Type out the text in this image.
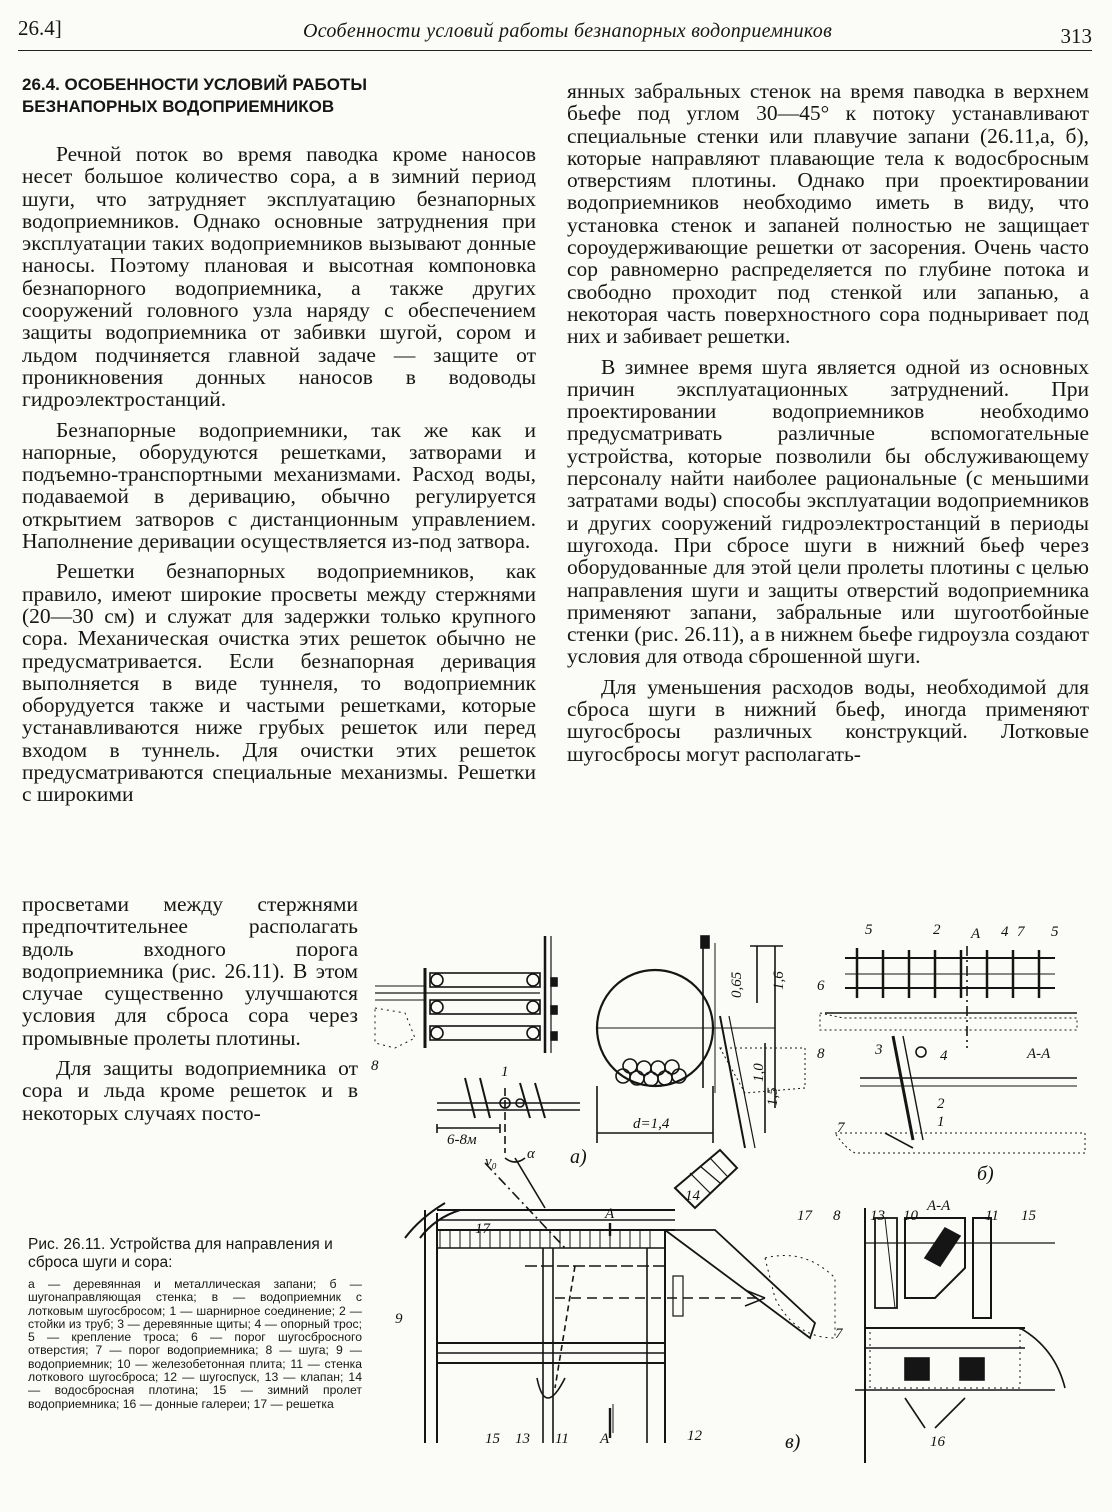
26.4]	Особенности условий работы безнапорных водоприемников	313
26.4. ОСОБЕННОСТИ УСЛОВИЙ РАБОТЫ
БЕЗНАПОРНЫХ ВОДОПРИЕМНИКОВ

Речной поток во время паводка кроме наносов несет большое количество сора, а в зимний период шуги, что затрудняет эксплуатацию безнапорных водоприемников. Однако основные затруднения при эксплуатации таких водоприемников вызывают донные наносы. Поэтому плановая и высотная компоновка безнапорного водоприемника, а также других сооружений головного узла наряду с обеспечением защиты водоприемника от забивки шугой, сором и льдом подчиняется главной задаче — защите от проникновения донных наносов в водоводы гидроэлектростанций.

Безнапорные водоприемники, так же как и напорные, оборудуются решетками, затворами и подъемно-транспортными механизмами. Расход воды, подаваемой в деривацию, обычно регулируется открытием затворов с дистанционным управлением. Наполнение деривации осуществляется из-под затвора.

Решетки безнапорных водоприемников, как правило, имеют широкие просветы между стержнями (20—30 см) и служат для задержки только крупного сора. Механическая очистка этих решеток обычно не предусматривается. Если безнапорная деривация выполняется в виде туннеля, то водоприемник оборудуется также и частыми решетками, которые устанавливаются ниже грубых решеток или перед входом в туннель. Для очистки этих решеток предусматриваются специальные механизмы. Решетки с широкими

просветами между стержнями предпочтительнее располагать вдоль входного порога водоприемника (рис. 26.11). В этом случае существенно улучшаются условия для сброса сора через промывные пролеты плотины.

Для защиты водоприемника от сора и льда кроме решеток и в некоторых случаях посто-

янных забральных стенок на время паводка в верхнем бьефе под углом 30—45° к потоку устанавливают специальные стенки или плавучие запани (26.11,а, б), которые направляют плавающие тела к водосбросным отверстиям плотины. Однако при проектировании водоприемников необходимо иметь в виду, что установка стенок и запаней полностью не защищает сороудерживающие решетки от засорения. Очень часто сор равномерно распределяется по глубине потока и свободно проходит под стенкой или запанью, а некоторая часть поверхностного сора подныривает под них и забивает решетки.

В зимнее время шуга является одной из основных причин эксплуатационных затруднений. При проектировании водоприемников необходимо предусматривать различные вспомогательные устройства, которые позволили бы обслуживающему персоналу найти наиболее рациональные (с меньшими затратами воды) способы эксплуатации водоприемников и других сооружений гидроэлектростанций в периоды шугохода. При сбросе шуги в нижний бьеф через оборудованные для этой цели пролеты плотины с целью направления шуги и защиты отверстий водоприемника применяют запани, забральные или шугоотбойные стенки (рис. 26.11), а в нижнем бьефе гидроузла создают условия для отвода сброшенной шуги.

Для уменьшения расходов воды, необходимой для сброса шуги в нижний бьеф, иногда применяют шугосбросы различных конструкций. Лотковые шугосбросы могут располагать-

Рис. 26.11. Устройства для направления и сброса шуги и сора:
а — деревянная и металлическая запани; б — шугонаправляющая стенка; в — водоприемник с лотковым шугосбросом; 1 — шарнирное соединение; 2 — стойки из труб; 3 — деревянные щиты; 4 — опорный трос; 5 — крепление троса; 6 — порог шугосбросного отверстия; 7 — порог водоприемника; 8 — шуга; 9 — водоприемник; 10 — железобетонная плита; 11 — стенка лоткового шугосброса; 12 — шугоспуск, 13 — клапан; 14 — водосбросная плотина; 15 — зимний пролет водоприемника; 16 — донные галереи; 17 — решетка
8	1
6-8м
α
v₀	а)
d=1,4
0,65 1,6
1,0
1,5
5	2 А 4 7 5
6
3	4	А-А
8
2
1
7
б)
17
9
14
А
15 13 11 А	12	в)
17 8 13 10
А-А
11 15
7
16
